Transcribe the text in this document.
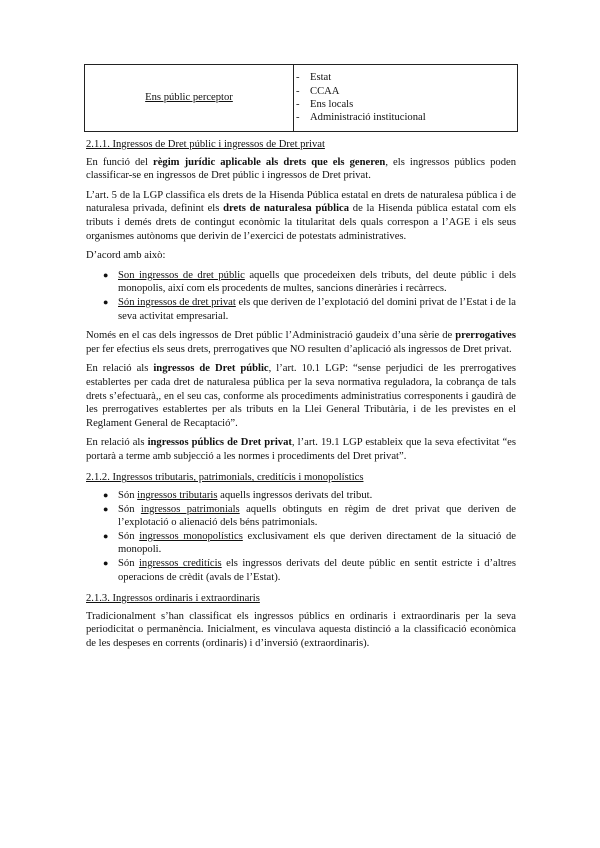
Ens públic perceptor	
- Estat
- CCAA
- Ens locals
- Administració institucional
2.1.1. Ingressos de Dret públic i ingressos de Dret privat

En funció del règim jurídic aplicable als drets que els generen, els ingressos públics poden classificar-se en ingressos de Dret públic i ingressos de Dret privat.

L’art. 5 de la LGP classifica els drets de la Hisenda Pública estatal en drets de naturalesa pública i de naturalesa privada, definint els drets de naturalesa pública de la Hisenda pública estatal com els tributs i demés drets de contingut econòmic la titularitat dels quals correspon a l’AGE i els seus organismes autònoms que derivin de l’exercici de potestats administratives.

D’acord amb això:

● Son ingressos de dret públic aquells que procedeixen dels tributs, del deute públic i dels monopolis, així com els procedents de multes, sancions dineràries i recàrrecs.
● Són ingressos de dret privat els que deriven de l’explotació del domini privat de l’Estat i de la seva activitat empresarial.

Només en el cas dels ingressos de Dret públic l’Administració gaudeix d’una sèrie de prerrogatives per fer efectius els seus drets, prerrogatives que NO resulten d’aplicació als ingressos de Dret privat.

En relació als ingressos de Dret públic, l’art. 10.1 LGP: “sense perjudici de les prerrogatives establertes per cada dret de naturalesa pública per la seva normativa reguladora, la cobrança de tals drets s’efectuarà,, en el seu cas, conforme als procediments administratius corresponents i gaudirà de les prerrogatives establertes per als tributs en la Llei General Tributària, i de les previstes en el Reglament General de Recaptació”.

En relació als ingressos públics de Dret privat, l’art. 19.1 LGP estableix que la seva efectivitat “es portarà a terme amb subjecció a les normes i procediments del Dret privat”.

2.1.2. Ingressos tributaris, patrimonials, creditícis i monopolístics
● Són ingressos tributaris aquells ingressos derivats del tribut.
● Són ingressos patrimonials aquells obtinguts en règim de dret privat que deriven de l’explotació o alienació dels béns patrimonials.
● Són ingressos monopolístics exclusivament els que deriven directament de la situació de monopoli.
● Són ingressos creditícis els ingressos derivats del deute públic en sentit estricte i d’altres operacions de crèdit (avals de l’Estat).
2.1.3. Ingressos ordinaris i extraordinaris

Tradicionalment s’han classificat els ingressos públics en ordinaris i extraordinaris per la seva periodicitat o permanència. Inicialment, es vinculava aquesta distinció a la classificació econòmica de les despeses en corrents (ordinaris) i d’inversió (extraordinaris).
